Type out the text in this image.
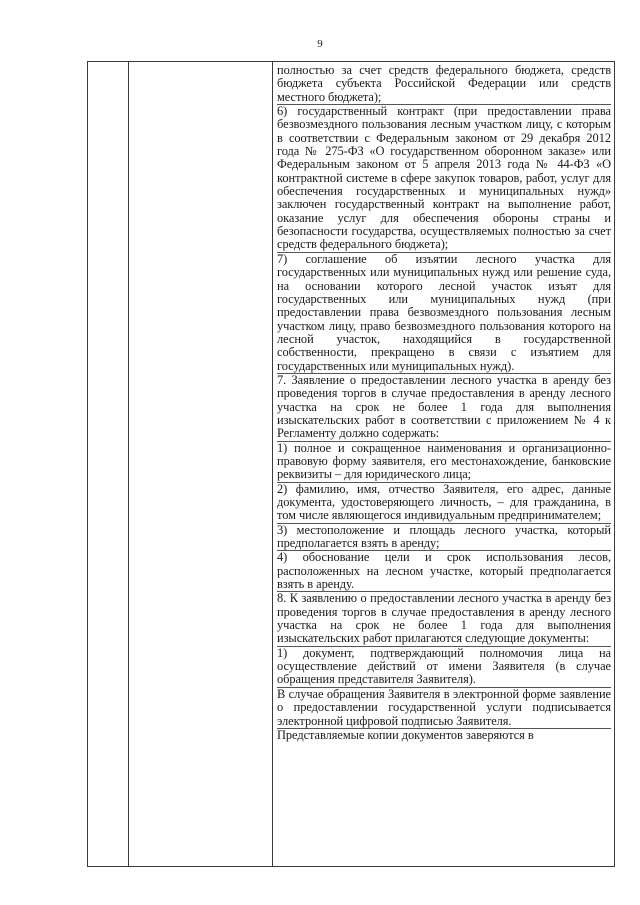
9

полностью за счет средств федерального бюджета, средств бюджета субъекта Российской Федерации или средств местного бюджета);

6) государственный контракт (при предоставлении права безвозмездного пользования лесным участком лицу, с которым в соответствии с Федеральным законом от 29 декабря 2012 года № 275-ФЗ «О государственном оборонном заказе» или Федеральным законом от 5 апреля 2013 года № 44-ФЗ «О контрактной системе в сфере закупок товаров, работ, услуг для обеспечения государственных и муниципальных нужд» заключен государственный контракт на выполнение работ, оказание услуг для обеспечения обороны страны и безопасности государства, осуществляемых полностью за счет средств федерального бюджета);

7) соглашение об изъятии лесного участка для государственных или муниципальных нужд или решение суда, на основании которого лесной участок изъят для государственных или муниципальных нужд (при предоставлении права безвозмездного пользования лесным участком лицу, право безвозмездного пользования которого на лесной участок, находящийся в государственной собственности, прекращено в связи с изъятием для государственных или муниципальных нужд).

7. Заявление о предоставлении лесного участка в аренду без проведения торгов в случае предоставления в аренду лесного участка на срок не более 1 года для выполнения изыскательских работ в соответствии с приложением № 4 к Регламенту должно содержать:

1) полное и сокращенное наименования и организационно-правовую форму заявителя, его местонахождение, банковские реквизиты – для юридического лица;

2) фамилию, имя, отчество Заявителя, его адрес, данные документа, удостоверяющего личность, – для гражданина, в том числе являющегося индивидуальным предпринимателем;

3) местоположение и площадь лесного участка, который предполагается взять в аренду;

4) обоснование цели и срок использования лесов, расположенных на лесном участке, который предполагается взять в аренду.

8. К заявлению о предоставлении лесного участка в аренду без проведения торгов в случае предоставления в аренду лесного участка на срок не более 1 года для выполнения изыскательских работ прилагаются следующие документы:

1) документ, подтверждающий полномочия лица на осуществление действий от имени Заявителя (в случае обращения представителя Заявителя).

В случае обращения Заявителя в электронной форме заявление о предоставлении государственной услуги подписывается электронной цифровой подписью Заявителя.

Представляемые копии документов заверяются в
